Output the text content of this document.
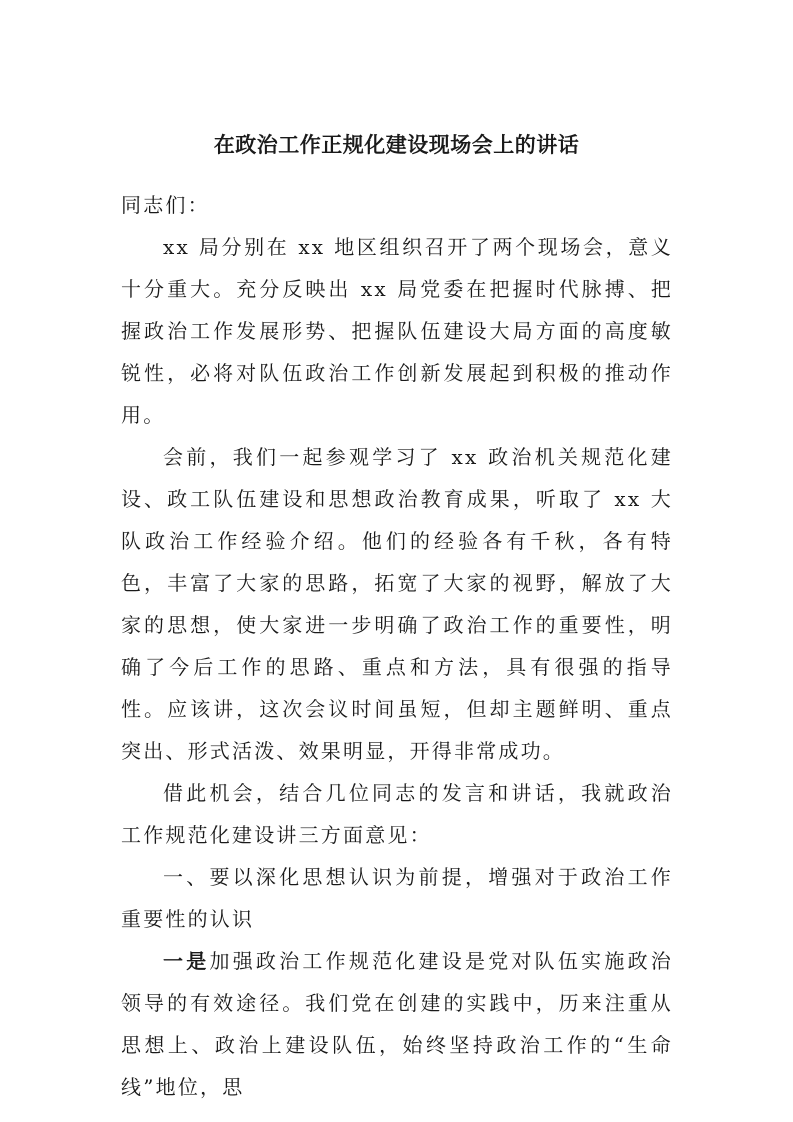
在政治工作正规化建设现场会上的讲话

同志们：

xx 局分别在 xx 地区组织召开了两个现场会，意义十分重大。充分反映出 xx 局党委在把握时代脉搏、把握政治工作发展形势、把握队伍建设大局方面的高度敏锐性，必将对队伍政治工作创新发展起到积极的推动作用。

会前，我们一起参观学习了 xx 政治机关规范化建设、政工队伍建设和思想政治教育成果，听取了 xx 大队政治工作经验介绍。他们的经验各有千秋，各有特色，丰富了大家的思路，拓宽了大家的视野，解放了大家的思想，使大家进一步明确了政治工作的重要性，明确了今后工作的思路、重点和方法，具有很强的指导性。应该讲，这次会议时间虽短，但却主题鲜明、重点突出、形式活泼、效果明显，开得非常成功。

借此机会，结合几位同志的发言和讲话，我就政治工作规范化建设讲三方面意见：

一、要以深化思想认识为前提，增强对于政治工作重要性的认识

一是加强政治工作规范化建设是党对队伍实施政治领导的有效途径。我们党在创建的实践中，历来注重从思想上、政治上建设队伍，始终坚持政治工作的“生命线”地位，思
